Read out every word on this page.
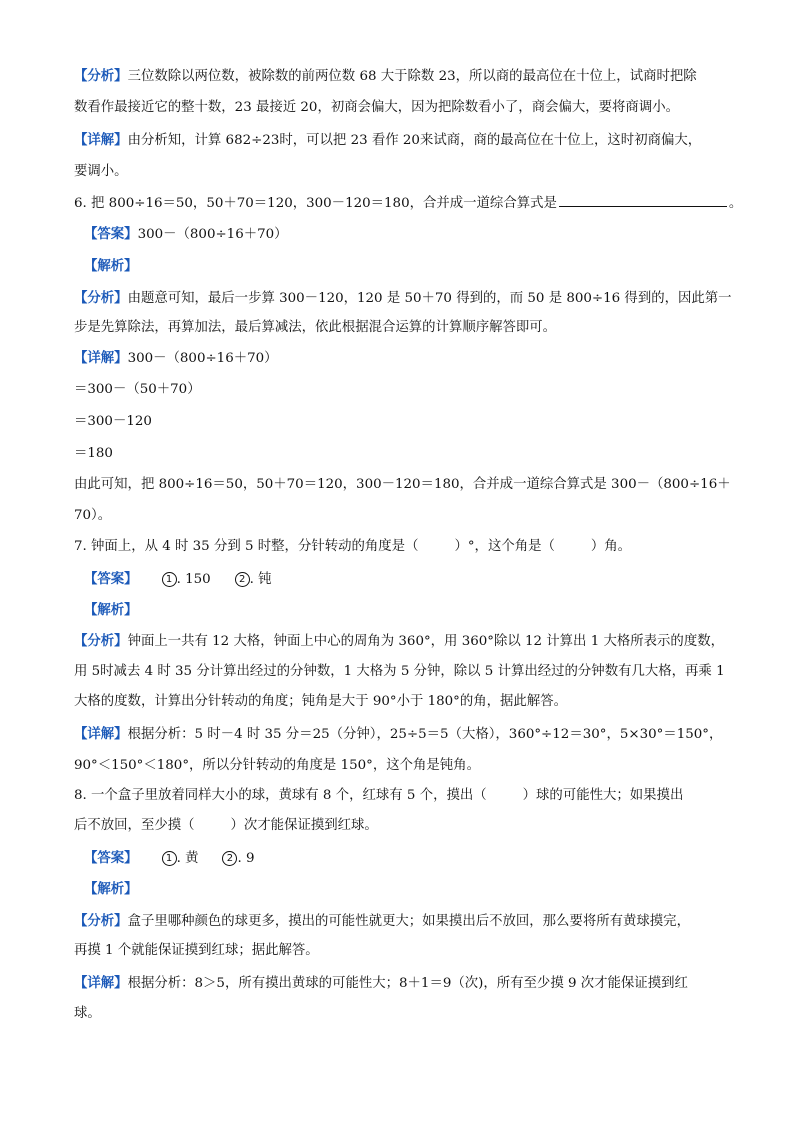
【分析】三位数除以两位数，被除数的前两位数 68 大于除数 23，所以商的最高位在十位上，试商时把除
数看作最接近它的整十数，23 最接近 20，初商会偏大，因为把除数看小了，商会偏大，要将商调小。
【详解】由分析知，计算 682÷23时，可以把 23 看作 20来试商，商的最高位在十位上，这时初商偏大，
要调小。
6. 把 800÷16＝50，50＋70＝120，300－120＝180，合并成一道综合算式是	。
【答案】300－（800÷16＋70）
【解析】
【分析】由题意可知，最后一步算 300－120，120 是 50＋70 得到的，而 50 是 800÷16 得到的，因此第一
步是先算除法，再算加法，最后算减法，依此根据混合运算的计算顺序解答即可。
【详解】300－（800÷16＋70）
＝300－（50＋70）
＝300－120
＝180
由此可知，把 800÷16＝50，50＋70＝120，300－120＝180，合并成一道综合算式是 300－（800÷16＋
70）。
7. 钟面上，从 4 时 35 分到 5 时整，分针转动的角度是（	）°，这个角是（	）角。
【答案】	1 . 150	2 . 钝
【解析】
【分析】钟面上一共有 12 大格，钟面上中心的周角为 360°，用 360°除以 12 计算出 1 大格所表示的度数，
用 5时减去 4 时 35 分计算出经过的分钟数，1 大格为 5 分钟，除以 5 计算出经过的分钟数有几大格，再乘 1
大格的度数，计算出分针转动的角度；钝角是大于 90°小于 180°的角，据此解答。
【详解】根据分析：5 时－4 时 35 分＝25（分钟），25÷5＝5（大格），360°÷12＝30°，5×30°＝150°，
90°＜150°＜180°，所以分针转动的角度是 150°，这个角是钝角。
8. 一个盒子里放着同样大小的球，黄球有 8 个，红球有 5 个，摸出（	）球的可能性大；如果摸出
后不放回，至少摸（	）次才能保证摸到红球。
【答案】	1 . 黄	2 . 9
【解析】
【分析】盒子里哪种颜色的球更多，摸出的可能性就更大；如果摸出后不放回，那么要将所有黄球摸完，
再摸 1 个就能保证摸到红球；据此解答。
【详解】根据分析：8＞5，所有摸出黄球的可能性大；8＋1＝9（次)，所有至少摸 9 次才能保证摸到红
球。
